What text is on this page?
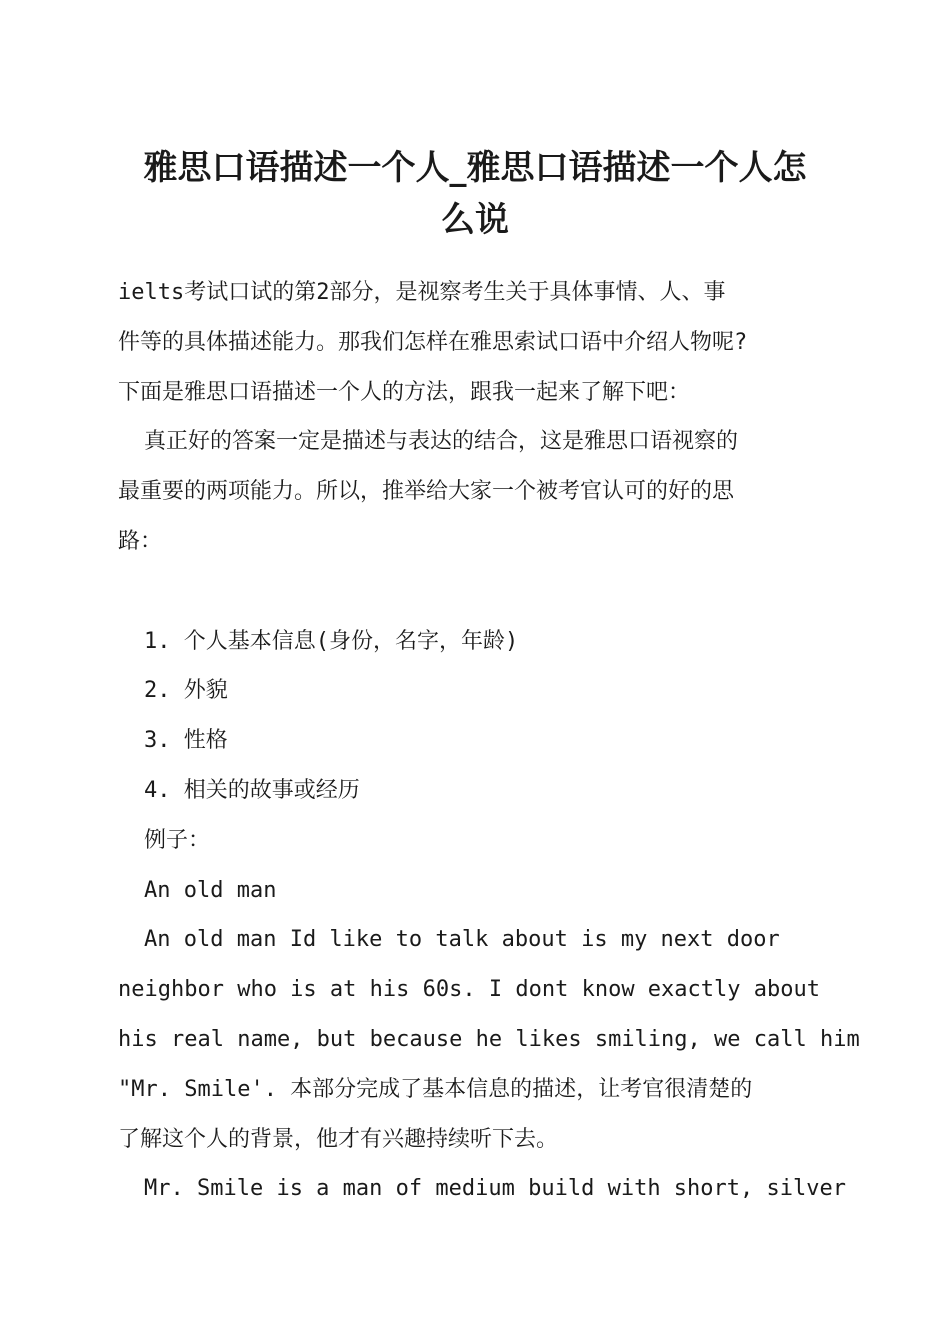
雅思口语描述一个人_雅思口语描述一个人怎
么说
ielts考试口试的第2部分，是视察考生关于具体事情、人、事
件等的具体描述能力。那我们怎样在雅思索试口语中介绍人物呢?
下面是雅思口语描述一个人的方法，跟我一起来了解下吧：
真正好的答案一定是描述与表达的结合，这是雅思口语视察的
最重要的两项能力。所以，推举给大家一个被考官认可的好的思
路：
1. 个人基本信息(身份，名字，年龄)
2. 外貌
3. 性格
4. 相关的故事或经历
例子：
An old man
An old man Id like to talk about is my next door
neighbor who is at his 60s. I dont know exactly about
his real name, but because he likes smiling, we call him
"Mr. Smile'. 本部分完成了基本信息的描述，让考官很清楚的
了解这个人的背景，他才有兴趣持续听下去。
Mr. Smile is a man of medium build with short, silver
